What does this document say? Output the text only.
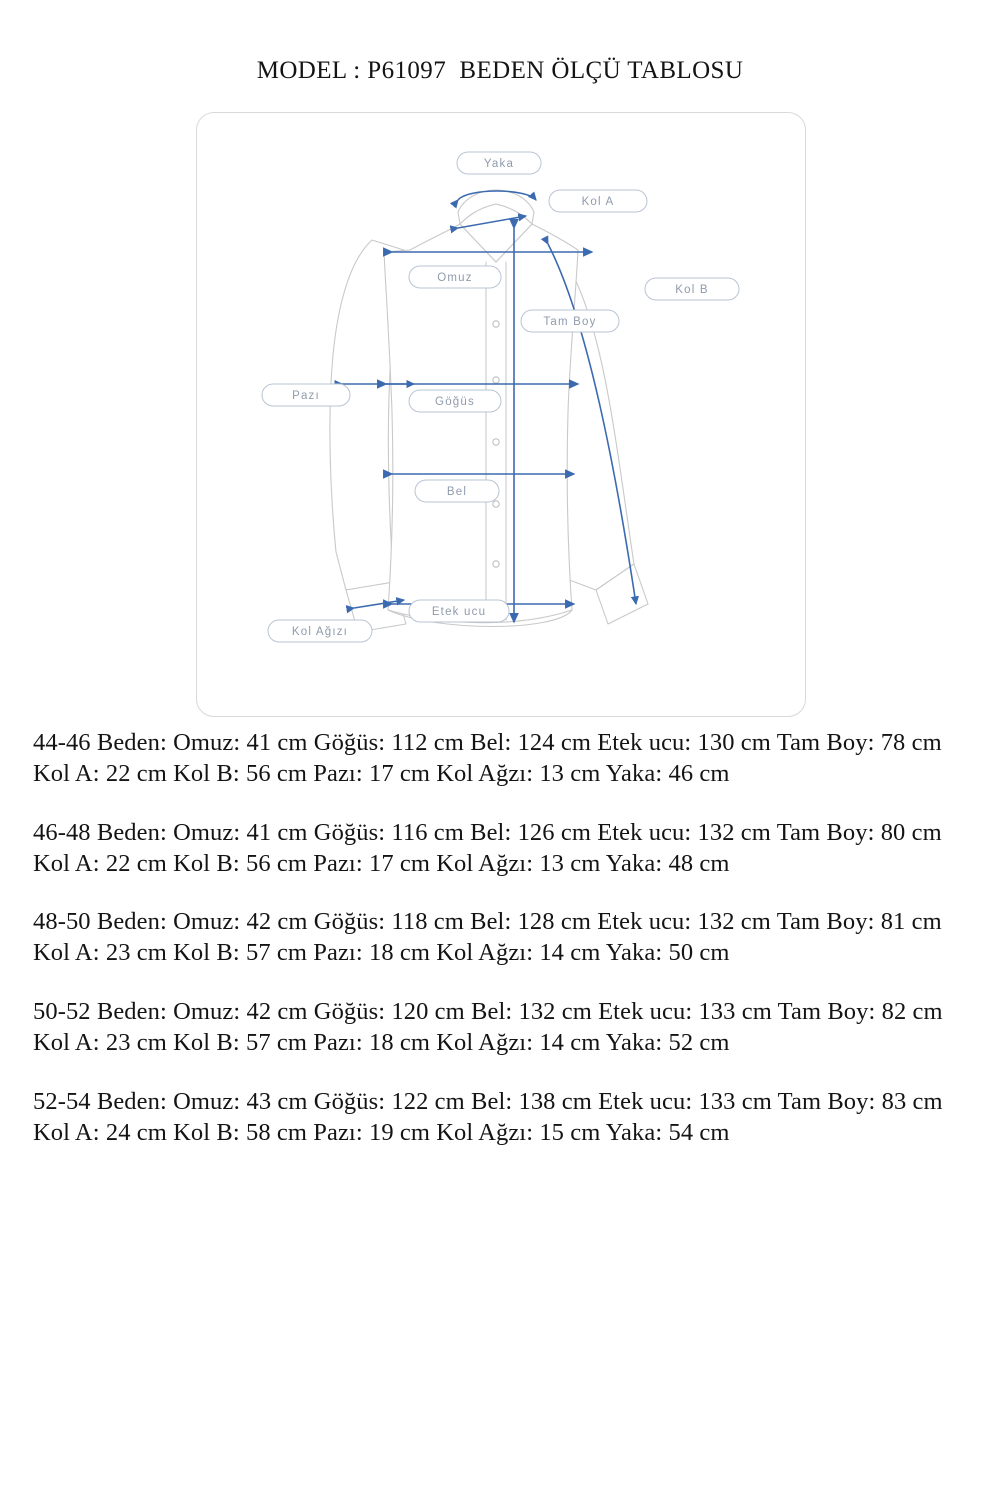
MODEL : P61097  BEDEN ÖLÇÜ TABLOSU
Yaka
Kol A
Omuz
Kol B
Tam Boy
Pazı	Göğüs
Bel
Etek ucu
Kol Ağızı
44-46 Beden: Omuz: 41 cm Göğüs: 112 cm Bel: 124 cm Etek ucu: 130 cm Tam Boy: 78 cm Kol A: 22 cm Kol B: 56 cm Pazı: 17 cm Kol Ağzı: 13 cm Yaka: 46 cm
46-48 Beden: Omuz: 41 cm Göğüs: 116 cm Bel: 126 cm Etek ucu: 132 cm Tam Boy: 80 cm Kol A: 22 cm Kol B: 56 cm Pazı: 17 cm Kol Ağzı: 13 cm Yaka: 48 cm
48-50 Beden: Omuz: 42 cm Göğüs: 118 cm Bel: 128 cm Etek ucu: 132 cm Tam Boy: 81 cm Kol A: 23 cm Kol B: 57 cm Pazı: 18 cm Kol Ağzı: 14 cm Yaka: 50 cm
50-52 Beden: Omuz: 42 cm Göğüs: 120 cm Bel: 132 cm Etek ucu: 133 cm Tam Boy: 82 cm Kol A: 23 cm Kol B: 57 cm Pazı: 18 cm Kol Ağzı: 14 cm Yaka: 52 cm
52-54 Beden: Omuz: 43 cm Göğüs: 122 cm Bel: 138 cm Etek ucu: 133 cm Tam Boy: 83 cm Kol A: 24 cm Kol B: 58 cm Pazı: 19 cm Kol Ağzı: 15 cm Yaka: 54 cm
